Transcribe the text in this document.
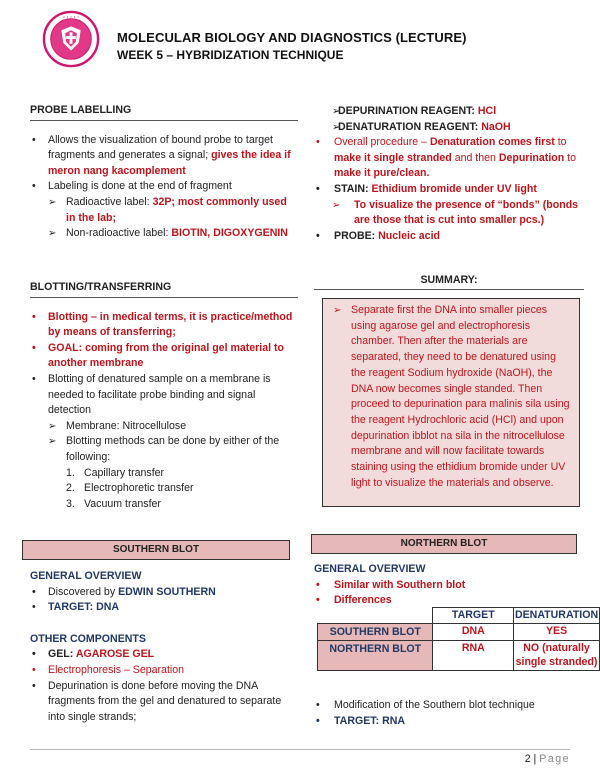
• • • • •
MOLECULAR BIOLOGY AND DIAGNOSTICS (LECTURE)
WEEK 5 – HYBRIDIZATION TECHNIQUE
PROBE LABELLING
• Allows the visualization of bound probe to target fragments and generates a signal; gives the idea if meron nang kacomplement
• Labeling is done at the end of fragment
➢ Radioactive label: 32P; most commonly used in the lab;
➢ Non-radioactive label: BIOTIN, DIGOXYGENIN
BLOTTING/TRANSFERRING
• Blotting – in medical terms, it is practice/method by means of transferring;
• GOAL: coming from the original gel material to another membrane
• Blotting of denatured sample on a membrane is needed to facilitate probe binding and signal detection
➢ Membrane: Nitrocellulose
➢ Blotting methods can be done by either of the following:
1. Capillary transfer
2. Electrophoretic transfer
3. Vacuum transfer
➢ DEPURINATION REAGENT: HCl
➢ DENATURATION REAGENT: NaOH
• Overall procedure – Denaturation comes first to make it single stranded and then Depurination to make it pure/clean.
• STAIN: Ethidium bromide under UV light
➢ To visualize the presence of “bonds” (bonds are those that is cut into smaller pcs.)
• PROBE: Nucleic acid
SUMMARY:
➢ Separate first the DNA into smaller pieces using agarose gel and electrophoresis chamber. Then after the materials are separated, they need to be denatured using the reagent Sodium hydroxide (NaOH), the DNA now becomes single standed. Then proceed to depurination para malinis sila using the reagent Hydrochloric acid (HCl) and upon depurination ibblot na sila in the nitrocellulose membrane and will now facilitate towards staining using the ethidium bromide under UV light to visualize the materials and observe.
SOUTHERN BLOT
GENERAL OVERVIEW
• Discovered by EDWIN SOUTHERN
• TARGET: DNA
OTHER COMPONENTS
• GEL: AGAROSE GEL
• Electrophoresis – Separation
• Depurination is done before moving the DNA fragments from the gel and denatured to separate into single strands;
NORTHERN BLOT
GENERAL OVERVIEW
• Similar with Southern blot
• Differences
	TARGET	DENATURATION
SOUTHERN BLOT	DNA	YES
NORTHERN BLOT	RNA	NO (naturally single stranded)
• Modification of the Southern blot technique
• TARGET: RNA
2 | Page
